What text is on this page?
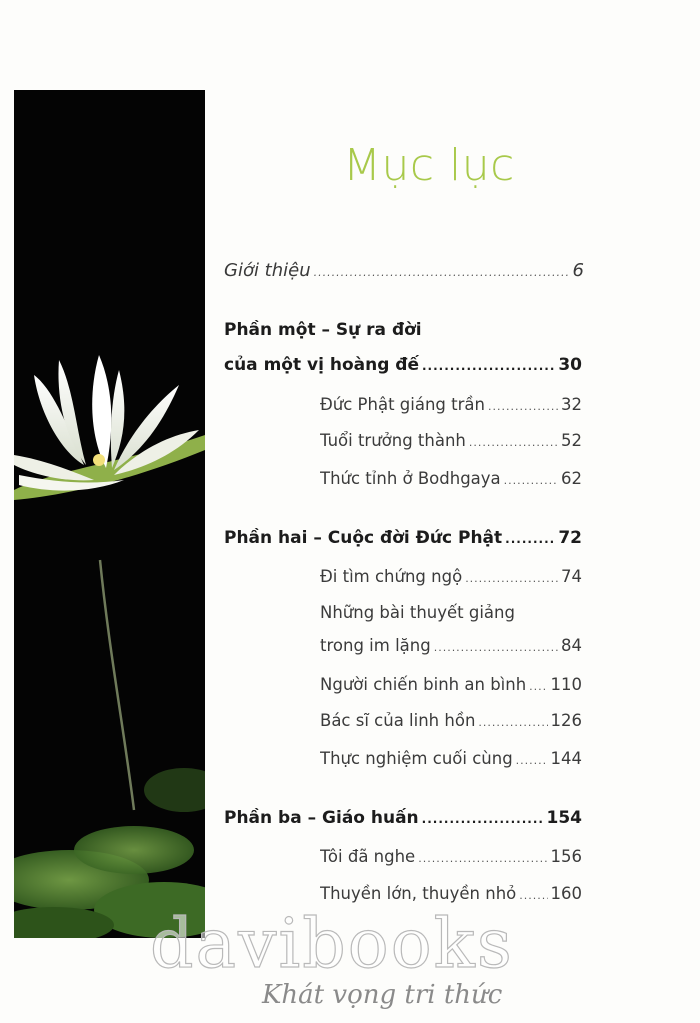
Mục lục
Giới thiệu .....	6
Phần một – Sự ra đời
của một vị hoàng đế .....	30
Đức Phật giáng trần .....	32
Tuổi trưởng thành .....	52
Thức tỉnh ở Bodhgaya .....	62
Phần hai – Cuộc đời Đức Phật .....	72
Đi tìm chứng ngộ .....	74
Những bài thuyết giảng
trong im lặng .....	84
Người chiến binh an bình ..... 110
Bác sĩ của linh hồn .....	126
Thực nghiệm cuối cùng ..... 144
Phần ba – Giáo huấn .....	154
Tôi đã nghe .....	156
Thuyền lớn, thuyền nhỏ ..... 160
davibooks
Khát vọng tri thức
